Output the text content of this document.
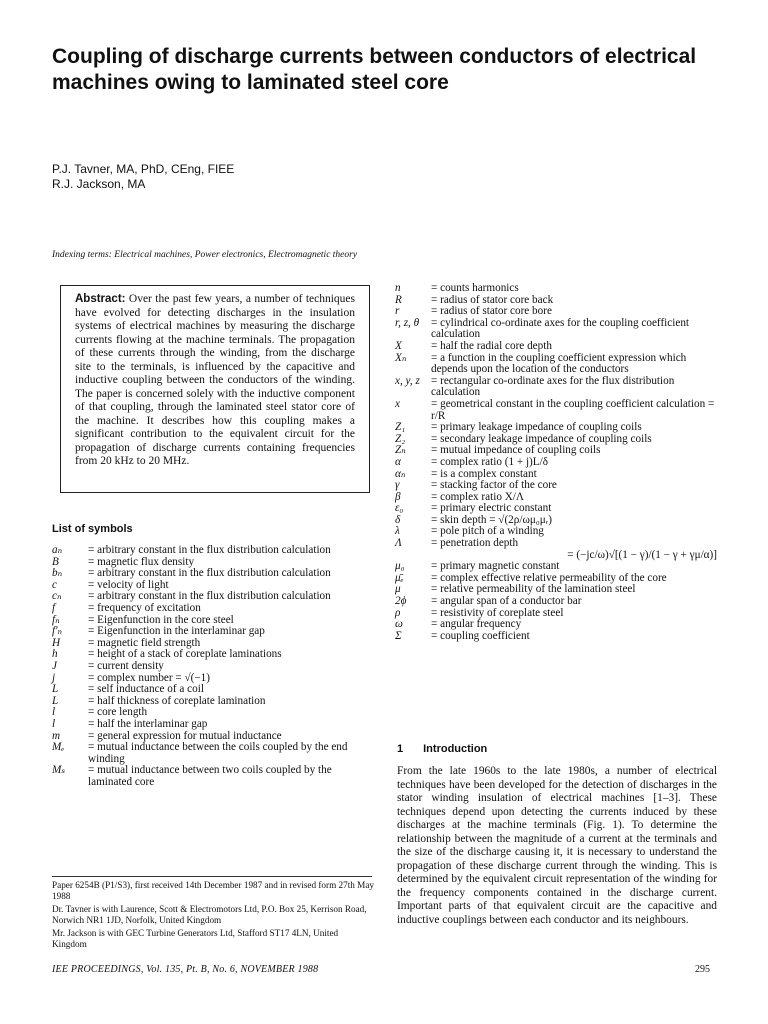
Coupling of discharge currents between conductors of electrical machines owing to laminated steel core
P.J. Tavner, MA, PhD, CEng, FIEE
R.J. Jackson, MA
Indexing terms: Electrical machines, Power electronics, Electromagnetic theory

Abstract: Over the past few years, a number of techniques have evolved for detecting discharges in the insulation systems of electrical machines by measuring the discharge currents flowing at the machine terminals. The propagation of these currents through the winding, from the discharge site to the terminals, is influenced by the capacitive and inductive coupling between the conductors of the winding. The paper is concerned solely with the inductive component of that coupling, through the laminated steel stator core of the machine. It describes how this coupling makes a significant contribution to the equivalent circuit for the propagation of discharge currents containing frequencies from 20 kHz to 20 MHz.

List of symbols
aₙ	= arbitrary constant in the flux distribution calculation
B	= magnetic flux density
bₙ	= arbitrary constant in the flux distribution calculation
c	= velocity of light
cₙ	= arbitrary constant in the flux distribution calculation
f	= frequency of excitation
fₙ	= Eigenfunction in the core steel
f′ₙ	= Eigenfunction in the interlaminar gap
H	= magnetic field strength
h	= height of a stack of coreplate laminations
J	= current density
j	= complex number = √(−1)
L	= self inductance of a coil
L	= half thickness of coreplate lamination
l	= core length
l	= half the interlaminar gap
m	= general expression for mutual inductance
Mₑ	= mutual inductance between the coils coupled by the end winding
Mₛ	= mutual inductance between two coils coupled by the laminated core
n	= counts harmonics
R	= radius of stator core back
r	= radius of stator core bore
r, z, θ	= cylindrical co-ordinate axes for the coupling coefficient calculation
X	= half the radial core depth
Xₙ	= a function in the coupling coefficient expression which depends upon the location of the conductors
x, y, z = rectangular co-ordinate axes for the flux distribution calculation
x	= geometrical constant in the coupling coefficient calculation = r/R
Z₁	= primary leakage impedance of coupling coils
Z₂	= secondary leakage impedance of coupling coils
Zₙ	= mutual impedance of coupling coils
α	= complex ratio (1 + j)L/δ
αₙ	= is a complex constant
γ	= stacking factor of the core
β	= complex ratio X/Λ
ε₀	= primary electric constant
δ	= skin depth = √(2ρ/ωμ₀μᵣ)
λ	= pole pitch of a winding
Λ	= penetration depth
= (−jc/ω)√[(1 − γ)/(1 − γ + γμ/α)]
μ₀	= primary magnetic constant
μ̄ₑ	= complex effective relative permeability of the core
μ	= relative permeability of the lamination steel
2ϕ	= angular span of a conductor bar
ρ	= resistivity of coreplate steel
ω	= angular frequency
Σ	= coupling coefficient

Paper 6254B (P1/S3), first received 14th December 1987 and in revised form 27th May 1988

Dr. Tavner is with Laurence, Scott & Electromotors Ltd, P.O. Box 25, Kerrison Road, Norwich NR1 1JD, Norfolk, United Kingdom

Mr. Jackson is with GEC Turbine Generators Ltd, Stafford ST17 4LN, United Kingdom

1 Introduction

From the late 1960s to the late 1980s, a number of electrical techniques have been developed for the detection of discharges in the stator winding insulation of electrical machines [1–3]. These techniques depend upon detecting the currents induced by these discharges at the machine terminals (Fig. 1). To determine the relationship between the magnitude of a current at the terminals and the size of the discharge causing it, it is necessary to understand the propagation of these discharge current through the winding. This is determined by the equivalent circuit representation of the winding for the frequency components contained in the discharge current. Important parts of that equivalent circuit are the capacitive and inductive couplings between each conductor and its neighbours.

IEE PROCEEDINGS, Vol. 135, Pt. B, No. 6, NOVEMBER 1988	295
